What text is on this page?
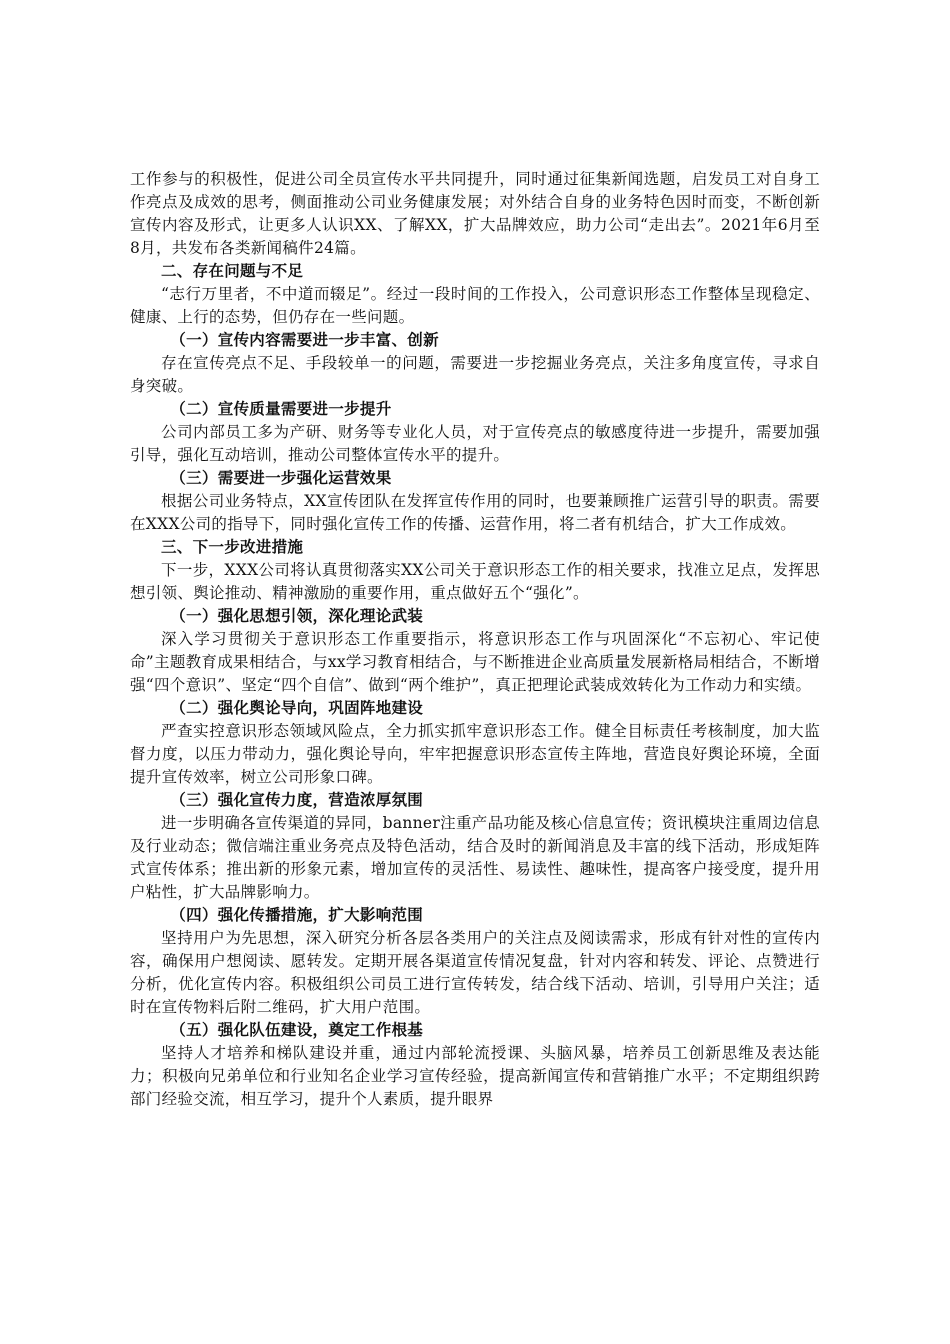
工作参与的积极性，促进公司全员宣传水平共同提升，同时通过征集新闻选题，启发员工对自身工作亮点及成效的思考，侧面推动公司业务健康发展；对外结合自身的业务特色因时而变，不断创新宣传内容及形式，让更多人认识XX、了解XX，扩大品牌效应，助力公司“走出去”。2021年6月至8月，共发布各类新闻稿件24篇。

二、存在问题与不足

“志行万里者，不中道而辍足”。经过一段时间的工作投入，公司意识形态工作整体呈现稳定、健康、上行的态势，但仍存在一些问题。

（一）宣传内容需要进一步丰富、创新

存在宣传亮点不足、手段较单一的问题，需要进一步挖掘业务亮点，关注多角度宣传，寻求自身突破。

（二）宣传质量需要进一步提升

公司内部员工多为产研、财务等专业化人员，对于宣传亮点的敏感度待进一步提升，需要加强引导，强化互动培训，推动公司整体宣传水平的提升。

（三）需要进一步强化运营效果

根据公司业务特点，XX宣传团队在发挥宣传作用的同时，也要兼顾推广运营引导的职责。需要在XXX公司的指导下，同时强化宣传工作的传播、运营作用，将二者有机结合，扩大工作成效。

三、下一步改进措施

下一步，XXX公司将认真贯彻落实XX公司关于意识形态工作的相关要求，找准立足点，发挥思想引领、舆论推动、精神激励的重要作用，重点做好五个“强化”。

（一）强化思想引领，深化理论武装

深入学习贯彻关于意识形态工作重要指示，将意识形态工作与巩固深化“不忘初心、牢记使命”主题教育成果相结合，与xx学习教育相结合，与不断推进企业高质量发展新格局相结合，不断增强“四个意识”、坚定“四个自信”、做到“两个维护”，真正把理论武装成效转化为工作动力和实绩。

（二）强化舆论导向，巩固阵地建设

严查实控意识形态领域风险点，全力抓实抓牢意识形态工作。健全目标责任考核制度，加大监督力度，以压力带动力，强化舆论导向，牢牢把握意识形态宣传主阵地，营造良好舆论环境，全面提升宣传效率，树立公司形象口碑。

（三）强化宣传力度，营造浓厚氛围

进一步明确各宣传渠道的异同，banner注重产品功能及核心信息宣传；资讯模块注重周边信息及行业动态；微信端注重业务亮点及特色活动，结合及时的新闻消息及丰富的线下活动，形成矩阵式宣传体系；推出新的形象元素，增加宣传的灵活性、易读性、趣味性，提高客户接受度，提升用户粘性，扩大品牌影响力。

（四）强化传播措施，扩大影响范围

坚持用户为先思想，深入研究分析各层各类用户的关注点及阅读需求，形成有针对性的宣传内容，确保用户想阅读、愿转发。定期开展各渠道宣传情况复盘，针对内容和转发、评论、点赞进行分析，优化宣传内容。积极组织公司员工进行宣传转发，结合线下活动、培训，引导用户关注；适时在宣传物料后附二维码，扩大用户范围。

（五）强化队伍建设，奠定工作根基

坚持人才培养和梯队建设并重，通过内部轮流授课、头脑风暴，培养员工创新思维及表达能力；积极向兄弟单位和行业知名企业学习宣传经验，提高新闻宣传和营销推广水平；不定期组织跨部门经验交流，相互学习，提升个人素质，提升眼界
